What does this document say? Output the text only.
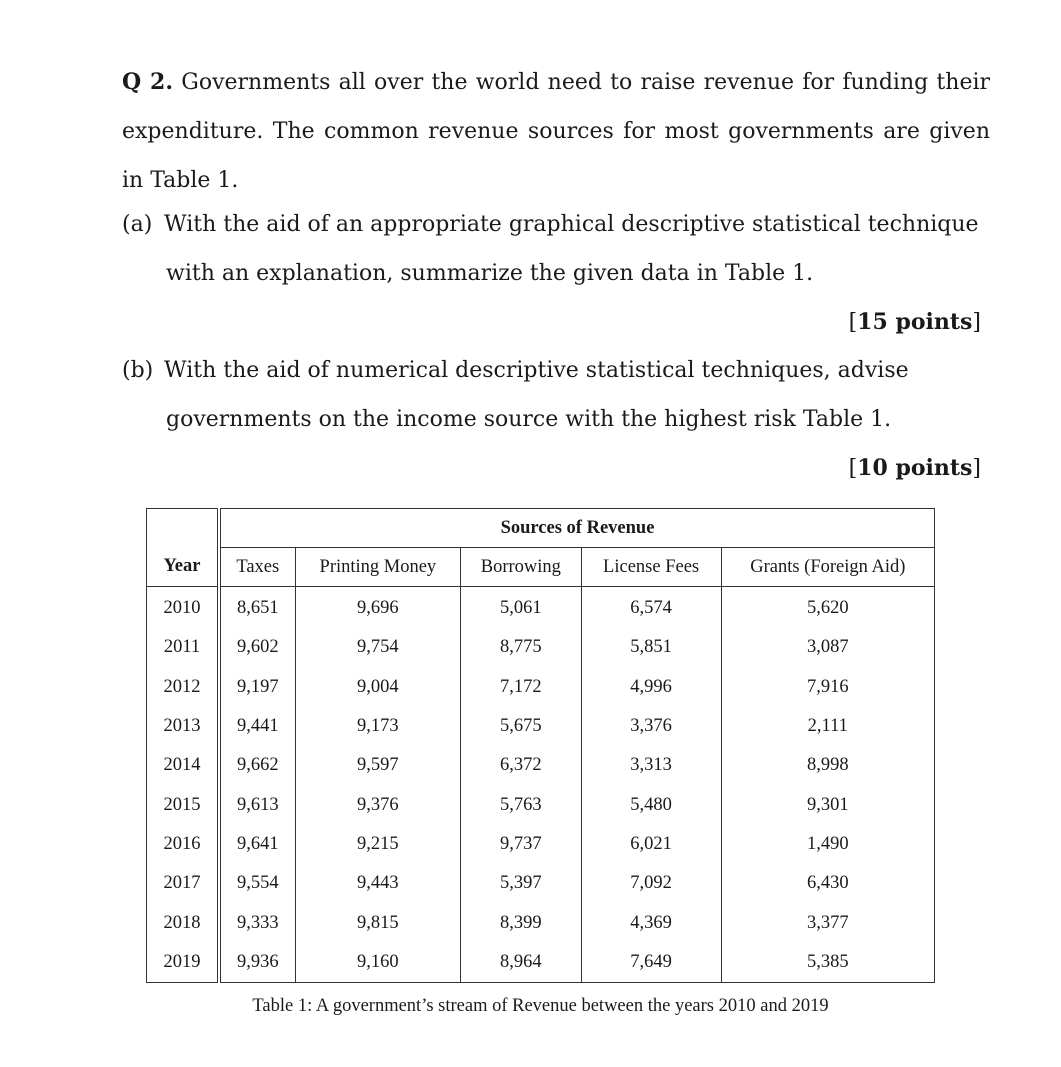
Q 2. Governments all over the world need to raise revenue for funding their expenditure. The common revenue sources for most governments are given in Table 1.

(a) With the aid of an appropriate graphical descriptive statistical technique
with an explanation, summarize the given data in Table 1.
[15 points]
(b) With the aid of numerical descriptive statistical techniques, advise
governments on the income source with the highest risk Table 1.
[10 points]
	Sources of Revenue				
Year	Taxes	Printing Money	Borrowing	License Fees	Grants (Foreign Aid)
2010	8,651	9,696	5,061	6,574	5,620
2011	9,602	9,754	8,775	5,851	3,087
2012	9,197	9,004	7,172	4,996	7,916
2013	9,441	9,173	5,675	3,376	2,111
2014	9,662	9,597	6,372	3,313	8,998
2015	9,613	9,376	5,763	5,480	9,301
2016	9,641	9,215	9,737	6,021	1,490
2017	9,554	9,443	5,397	7,092	6,430
2018	9,333	9,815	8,399	4,369	3,377
2019	9,936	9,160	8,964	7,649	5,385
Table 1: A government’s stream of Revenue between the years 2010 and 2019
